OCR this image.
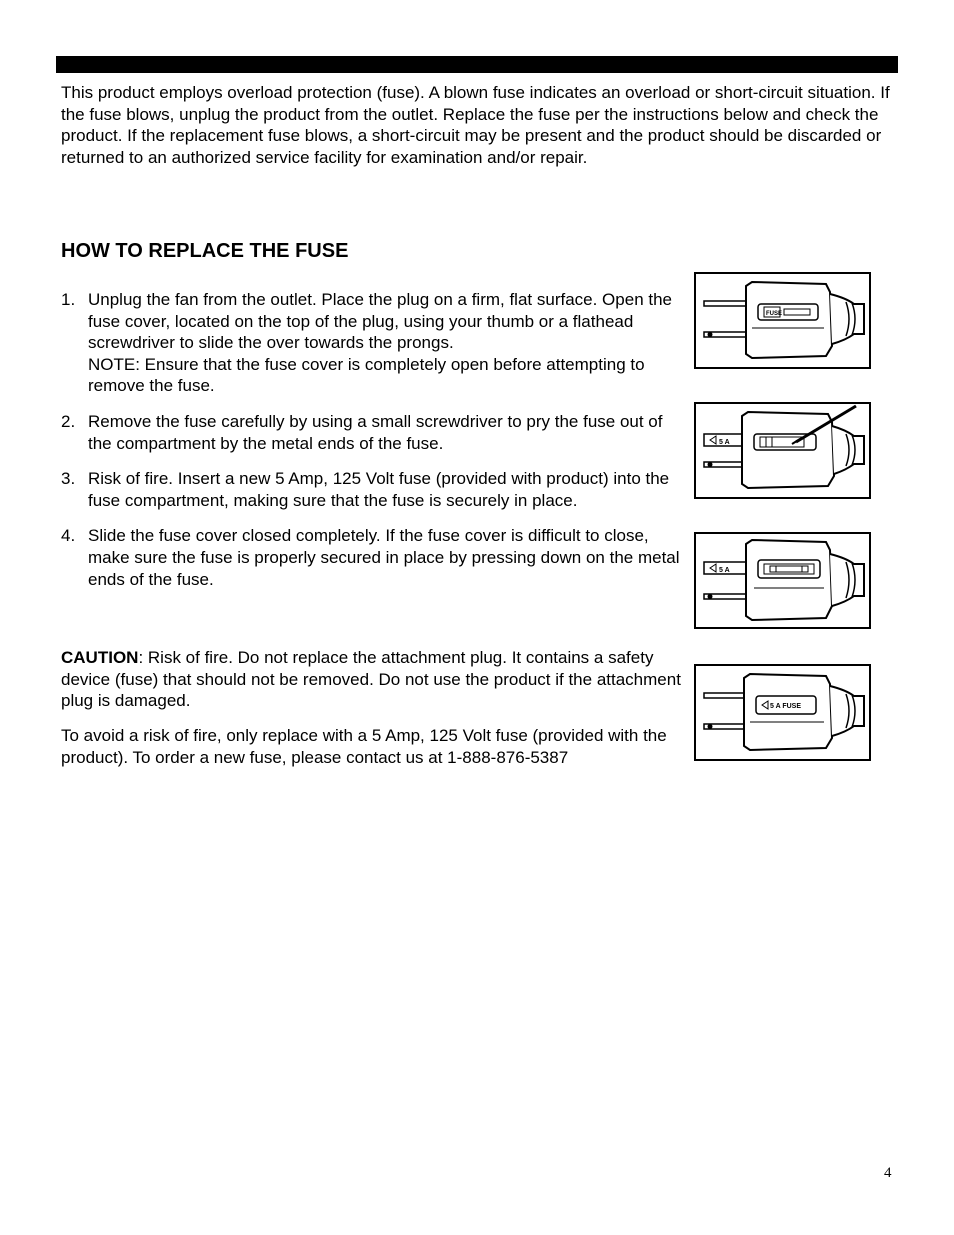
This product employs overload protection (fuse). A blown fuse indicates an overload or short-circuit situation. If the fuse blows, unplug the product from the outlet. Replace the fuse per the instructions below and check the product. If the replacement fuse blows, a short-circuit may be present and the product should be discarded or returned to an authorized service facility for examination and/or repair.

HOW TO REPLACE THE FUSE
1. Unplug the fan from the outlet. Place the plug on a firm, flat surface. Open the fuse cover, located on the top of the plug, using your thumb or a flathead screwdriver to slide the over towards the prongs.
NOTE: Ensure that the fuse cover is completely open before attempting to remove the fuse.
2. Remove the fuse carefully by using a small screwdriver to pry the fuse out of the compartment by the metal ends of the fuse.
3. Risk of fire. Insert a new 5 Amp, 125 Volt fuse (provided with product) into the fuse compartment, making sure that the fuse is securely in place.
4. Slide the fuse cover closed completely. If the fuse cover is difficult to close, make sure the fuse is properly secured in place by pressing down on the metal ends of the fuse.

CAUTION: Risk of fire. Do not replace the attachment plug. It contains a safety device (fuse) that should not be removed. Do not use the product if the attachment plug is damaged.

To avoid a risk of fire, only replace with a 5 Amp, 125 Volt fuse (provided with the product). To order a new fuse, please contact us at 1-888-876-5387

FUSE
5 A
5 A
5 A FUSE
4
